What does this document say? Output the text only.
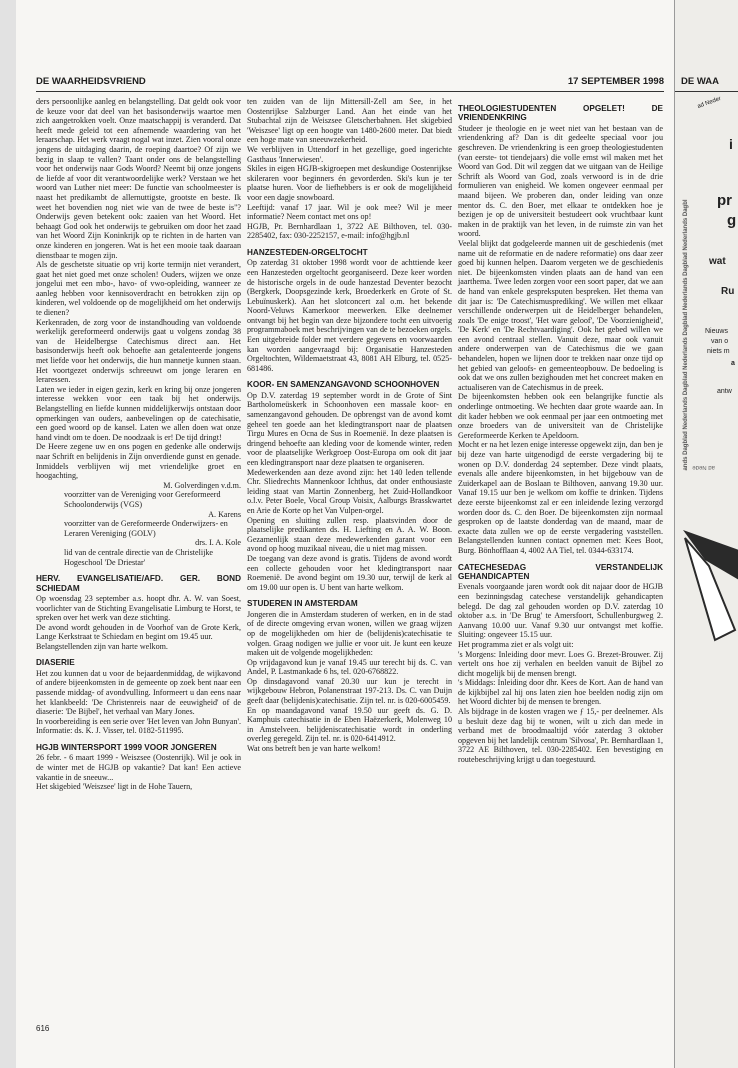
DE WAARHEIDSVRIEND	17 SEPTEMBER 1998

ders persoonlijke aanleg en belangstelling. Dat geldt ook voor de keuze voor dat deel van het basisonderwijs waartoe men zich aangetrokken voelt. Onze maatschappij is veranderd. Dat heeft mede geleid tot een afnemende waardering van het leraarschap. Het werk vraagt nogal wat inzet. Zien vooral onze jongens de uitdaging daarin, de roeping daartoe? Of zijn we bezig in slaap te vallen? Taant onder ons de belangstelling voor het onderwijs naar Gods Woord? Neemt bij onze jongens de liefde af voor dit verantwoordelijke werk? Verstaan we het woord van Luther niet meer: De functie van schoolmeester is naast het predikambt de allernuttigste, grootste en beste. Ik weet het bovendien nog niet wie van de twee de beste is"? Onderwijs geven betekent ook: zaaien van het Woord. Het behaagt God ook het onderwijs te gebruiken om door het zaad van het Woord Zijn Koninkrijk op te richten in de harten van onze kinderen en jongeren. Wat is het een mooie taak daaraan dienstbaar te mogen zijn.

Als de geschetste situatie op vrij korte termijn niet verandert, gaat het niet goed met onze scholen! Ouders, wijzen we onze jongelui met een mbo-, havo- of vwo-opleiding, wanneer ze aanleg hebben voor kennisoverdracht en betrokken zijn op kinderen, wel voldoende op de mogelijkheid om het onderwijs te dienen?

Kerkenraden, de zorg voor de instandhouding van voldoende werkelijk gereformeerd onderwijs gaat u volgens zondag 38 van de Heidelbergse Catechismus direct aan. Het basisonderwijs heeft ook behoefte aan getalenteerde jongens met liefde voor het onderwijs, die hun mannetje kunnen staan. Het voortgezet onderwijs schreeuwt om jonge leraren en leraressen.

Laten we ieder in eigen gezin, kerk en kring bij onze jongeren interesse wekken voor een taak bij het onderwijs. Belangstelling en liefde kunnen middelijkerwijs ontstaan door opmerkingen van ouders, aanbevelingen op de catechisatie, een goed woord op de kansel. Laten we allen doen wat onze hand vindt om te doen. De noodzaak is er! De tijd dringt!

De Heere zegene uw en ons pogen en gedenke alle onderwijs naar Schrift en belijdenis in Zijn onverdiende gunst en genade. Inmiddels verblijven wij met vriendelijke groet en hoogachting,

M. Golverdingen v.d.m.

voorzitter van de Vereniging voor Gereformeerd Schoolonderwijs (VGS)

A. Karens

voorzitter van de Gereformeerde Onderwijzers- en Leraren Vereniging (GOLV)

drs. I. A. Kole

lid van de centrale directie van de Christelijke Hogeschool 'De Driestar'

HERV. EVANGELISATIE/AFD. GER. BOND SCHIEDAM

Op woensdag 23 september a.s. hoopt dhr. A. W. van Soest, voorlichter van de Stichting Evangelisatie Limburg te Horst, te spreken over het werk van deze stichting.

De avond wordt gehouden in de Voorhof van de Grote Kerk, Lange Kerkstraat te Schiedam en begint om 19.45 uur.

Belangstellenden zijn van harte welkom.

DIASERIE

Het zou kunnen dat u voor de bejaardenmiddag, de wijkavond of andere bijeenkomsten in de gemeente op zoek bent naar een passende middag- of avondvulling. Informeert u dan eens naar het klankbeeld: 'De Christenreis naar de eeuwigheid' of de diaserie: 'De Bijbel', het verhaal van Mary Jones.

In voorbereiding is een serie over 'Het leven van John Bunyan'.

Informatie: ds. K. J. Visser, tel. 0182-511995.

HGJB WINTERSPORT 1999 VOOR JONGEREN

26 febr. - 6 maart 1999 - Weiszsee (Oostenrijk). Wil je ook in de winter met de HGJB op vakantie? Dat kan! Een actieve vakantie in de sneeuw...

Het skigebied 'Weiszsee' ligt in de Hohe Tauern,

ten zuiden van de lijn Mittersill-Zell am See, in het Oostenrijkse Salzburger Land. Aan het einde van het Stubachtal zijn de Weiszsee Gletscherbahnen. Het skigebied 'Weiszsee' ligt op een hoogte van 1480-2600 meter. Dat biedt een hoge mate van sneeuwzekerheid.

We verblijven in Uttendorf in het gezellige, goed ingerichte Gasthaus 'Innerwiesen'.

Skiles in eigen HGJB-skigroepen met deskundige Oostenrijkse skileraren voor beginners én gevorderden. Ski's kun je ter plaatse huren. Voor de liefhebbers is er ook de mogelijkheid voor een dagje snowboard.

Leeftijd: vanaf 17 jaar. Wil je ook mee? Wil je meer informatie? Neem contact met ons op!

HGJB, Pr. Bernhardlaan 1, 3722 AE Bilthoven, tel. 030-2285402, fax: 030-2252157, e-mail: info@hgjb.nl

HANZESTEDEN-ORGELTOCHT

Op zaterdag 31 oktober 1998 wordt voor de achttiende keer een Hanzesteden orgeltocht georganiseerd. Deze keer worden de historische orgels in de oude hanzestad Deventer bezocht (Bergkerk, Doopsgezinde kerk, Broederkerk en Grote of St. Lebuïnuskerk). Aan het slotconcert zal o.m. het bekende Noord-Veluws Kamerkoor meewerken. Elke deelnemer ontvangt bij het begin van deze bijzondere tocht een uitvoerig programmaboek met beschrijvingen van de te bezoeken orgels. Een uitgebreide folder met verdere gegevens en voorwaarden kan worden aangevraagd bij: Organisatie Hanzesteden Orgeltochten, Wildemaetstraat 43, 8081 AH Elburg, tel. 0525-681486.

KOOR- EN SAMENZANGAVOND SCHOONHOVEN

Op D.V. zaterdag 19 september wordt in de Grote of Sint Bartholomeüskerk in Schoonhoven een massale koor- en samenzangavond gehouden. De opbrengst van de avond komt geheel ten goede aan het kledingtransport naar de plaatsen Tirgu Mures en Ocna de Sus in Roemenië. In deze plaatsen is dringend behoefte aan kleding voor de komende winter, reden voor de plaatselijke Werkgroep Oost-Europa om ook dit jaar een kledingtransport naar deze plaatsen te organiseren.

Medewerkenden aan deze avond zijn: het 140 leden tellende Chr. Sliedrechts Mannenkoor Ichthus, dat onder enthousiaste leiding staat van Martin Zonnenberg, het Zuid-Hollandkoor o.l.v. Peter Boele, Vocal Group Voisix, Aalburgs Brasskwartet en Arie de Korte op het Van Vulpen-orgel.

Opening en sluiting zullen resp. plaatsvinden door de plaatselijke predikanten ds. H. Liefting en A. A. W. Boon. Gezamenlijk staan deze medewerkenden garant voor een avond op hoog muzikaal niveau, die u niet mag missen.

De toegang van deze avond is gratis. Tijdens de avond wordt een collecte gehouden voor het kledingtransport naar Roemenië. De avond begint om 19.30 uur, terwijl de kerk al om 19.00 uur open is. U bent van harte welkom.

STUDEREN IN AMSTERDAM

Jongeren die in Amsterdam studeren of werken, en in de stad of de directe omgeving ervan wonen, willen we graag wijzen op de mogelijkheden om hier de (belijdenis)catechisatie te volgen. Graag nodigen we jullie er voor uit. Je kunt een keuze maken uit de volgende mogelijkheden:

Op vrijdagavond kun je vanaf 19.45 uur terecht bij ds. C. van Andel, P. Lastmankade 6 hs, tel. 020-6768822.

Op dinsdagavond vanaf 20.30 uur kun je terecht in wijkgebouw Hebron, Polanenstraat 197-213. Ds. C. van Duijn geeft daar (belijdenis)catechisatie. Zijn tel. nr. is 020-6005459.

En op maandagavond vanaf 19.50 uur geeft ds. G. D. Kamphuis catechisatie in de Eben Haëzerkerk, Molenweg 10 in Amstelveen. belijdeniscatechisatie wordt in onderling overleg geregeld. Zijn tel. nr. is 020-6414912.

Wat ons betreft ben je van harte welkom!

THEOLOGIESTUDENTEN OPGELET! DE VRIENDENKRING

Studeer je theologie en je weet niet van het bestaan van de vriendenkring af? Dan is dit gedeelte speciaal voor jou geschreven. De vriendenkring is een groep theologiestudenten (van eerste- tot tiendejaars) die volle ernst wil maken met het Woord van God. Dit wil zeggen dat we uitgaan van de Heilige Schrift als Woord van God, zoals verwoord is in de drie formulieren van enigheid. We komen ongeveer eenmaal per maand bijeen. We proberen dan, onder leiding van onze mentor ds. C. den Boer, met elkaar te ontdekken hoe je bezigen je op de universiteit bestudeert ook vruchtbaar kunt maken in de praktijk van het leven, in de ruimste zin van het woord.

Veelal blijkt dat godgeleerde mannen uit de geschiedenis (met name uit de reformatie en de nadere reformatie) ons daar zeer goed bij kunnen helpen. Daarom vergeten we de geschiedenis niet. De bijeenkomsten vinden plaats aan de hand van een jaarthema. Twee leden zorgen voor een soort paper, dat we aan de hand van enkele gespreksputen bespreken. Het thema van dit jaar is: 'De Catechismusprediking'. We willen met elkaar verschillende onderwerpen uit de Heidelberger behandelen, zoals 'De enige troost', 'Het ware geloof', 'De Voorzienigheid', 'De Kerk' en 'De Rechtvaardiging'. Ook het gebed willen we een avond centraal stellen. Vanuit deze, maar ook vanuit andere onderwerpen van de Catechismus die we gaan behandelen, hopen we lijnen door te trekken naar onze tijd op het gebied van geloofs- en gemeenteopbouw. De bedoeling is ook dat we ons zullen bezighouden met het concreet maken en actualiseren van de Catechismus in de preek.

De bijeenkomsten hebben ook een belangrijke functie als onderlinge ontmoeting. We hechten daar grote waarde aan. In dit kader hebben we ook eenmaal per jaar een ontmoeting met onze broeders van de universiteit van de Christelijke Gereformeerde Kerken te Apeldoorn.

Mocht er na het lezen enige interesse opgewekt zijn, dan ben je bij deze van harte uitgenodigd de eerste vergadering bij te wonen op D.V. donderdag 24 september. Deze vindt plaats, evenals alle andere bijeenkomsten, in het bijgebouw van de Zuiderkapel aan de Boslaan te Bilthoven, aanvang 19.30 uur. Vanaf 19.15 uur ben je welkom om koffie te drinken. Tijdens deze eerste bijeenkomst zal er een inleidende lezing verzorgd worden door ds. C. den Boer. De bijeenkomsten zijn normaal gesproken op de laatste donderdag van de maand, maar de exacte data zullen we op de eerste vergadering vaststellen. Belangstellenden kunnen contact opnemen met: Kees Boot, Burg. Bönhofflaan 4, 4002 AA Tiel, tel. 0344-633174.

CATECHESEDAG VERSTANDELIJK GEHANDICAPTEN

Evenals voorgaande jaren wordt ook dit najaar door de HGJB een bezinningsdag catechese verstandelijk gehandicapten belegd. De dag zal gehouden worden op D.V. zaterdag 10 oktober a.s. in 'De Brug' te Amersfoort, Schullenburgweg 2. Aanvang 10.00 uur. Vanaf 9.30 uur ontvangst met koffie. Sluiting: ongeveer 15.15 uur.

Het programma ziet er als volgt uit:

's Morgens: Inleiding door mevr. Loes G. Brezet-Brouwer. Zij vertelt ons hoe zij verhalen en beelden vanuit de Bijbel zo dicht mogelijk bij de mensen brengt.

's Middags: Inleiding door dhr. Kees de Kort. Aan de hand van de kijkbijbel zal hij ons laten zien hoe beelden nodig zijn om het Woord dichter bij de mensen te brengen.

Als bijdrage in de kosten vragen we ƒ 15,- per deelnemer. Als u besluit deze dag bij te wonen, wilt u zich dan mede in verband met de broodmaaltijd vóór zaterdag 3 oktober opgeven bij het landelijk centrum 'Silvosa', Pr. Bernhardlaan 1, 3722 AE Bilthoven, tel. 030-2285402. Een bevestiging en routebeschrijving krijgt u dan toegestuurd.

616
DE WAA
ands Dagblad Nederlands Dagblad Nederlands Dagblad Nederlands Dagblad Nederlands Dagbl
ad Neder
i
pr
g
wat
Ru
Nieuws
van o
niets m
a
antw
ad Nede
